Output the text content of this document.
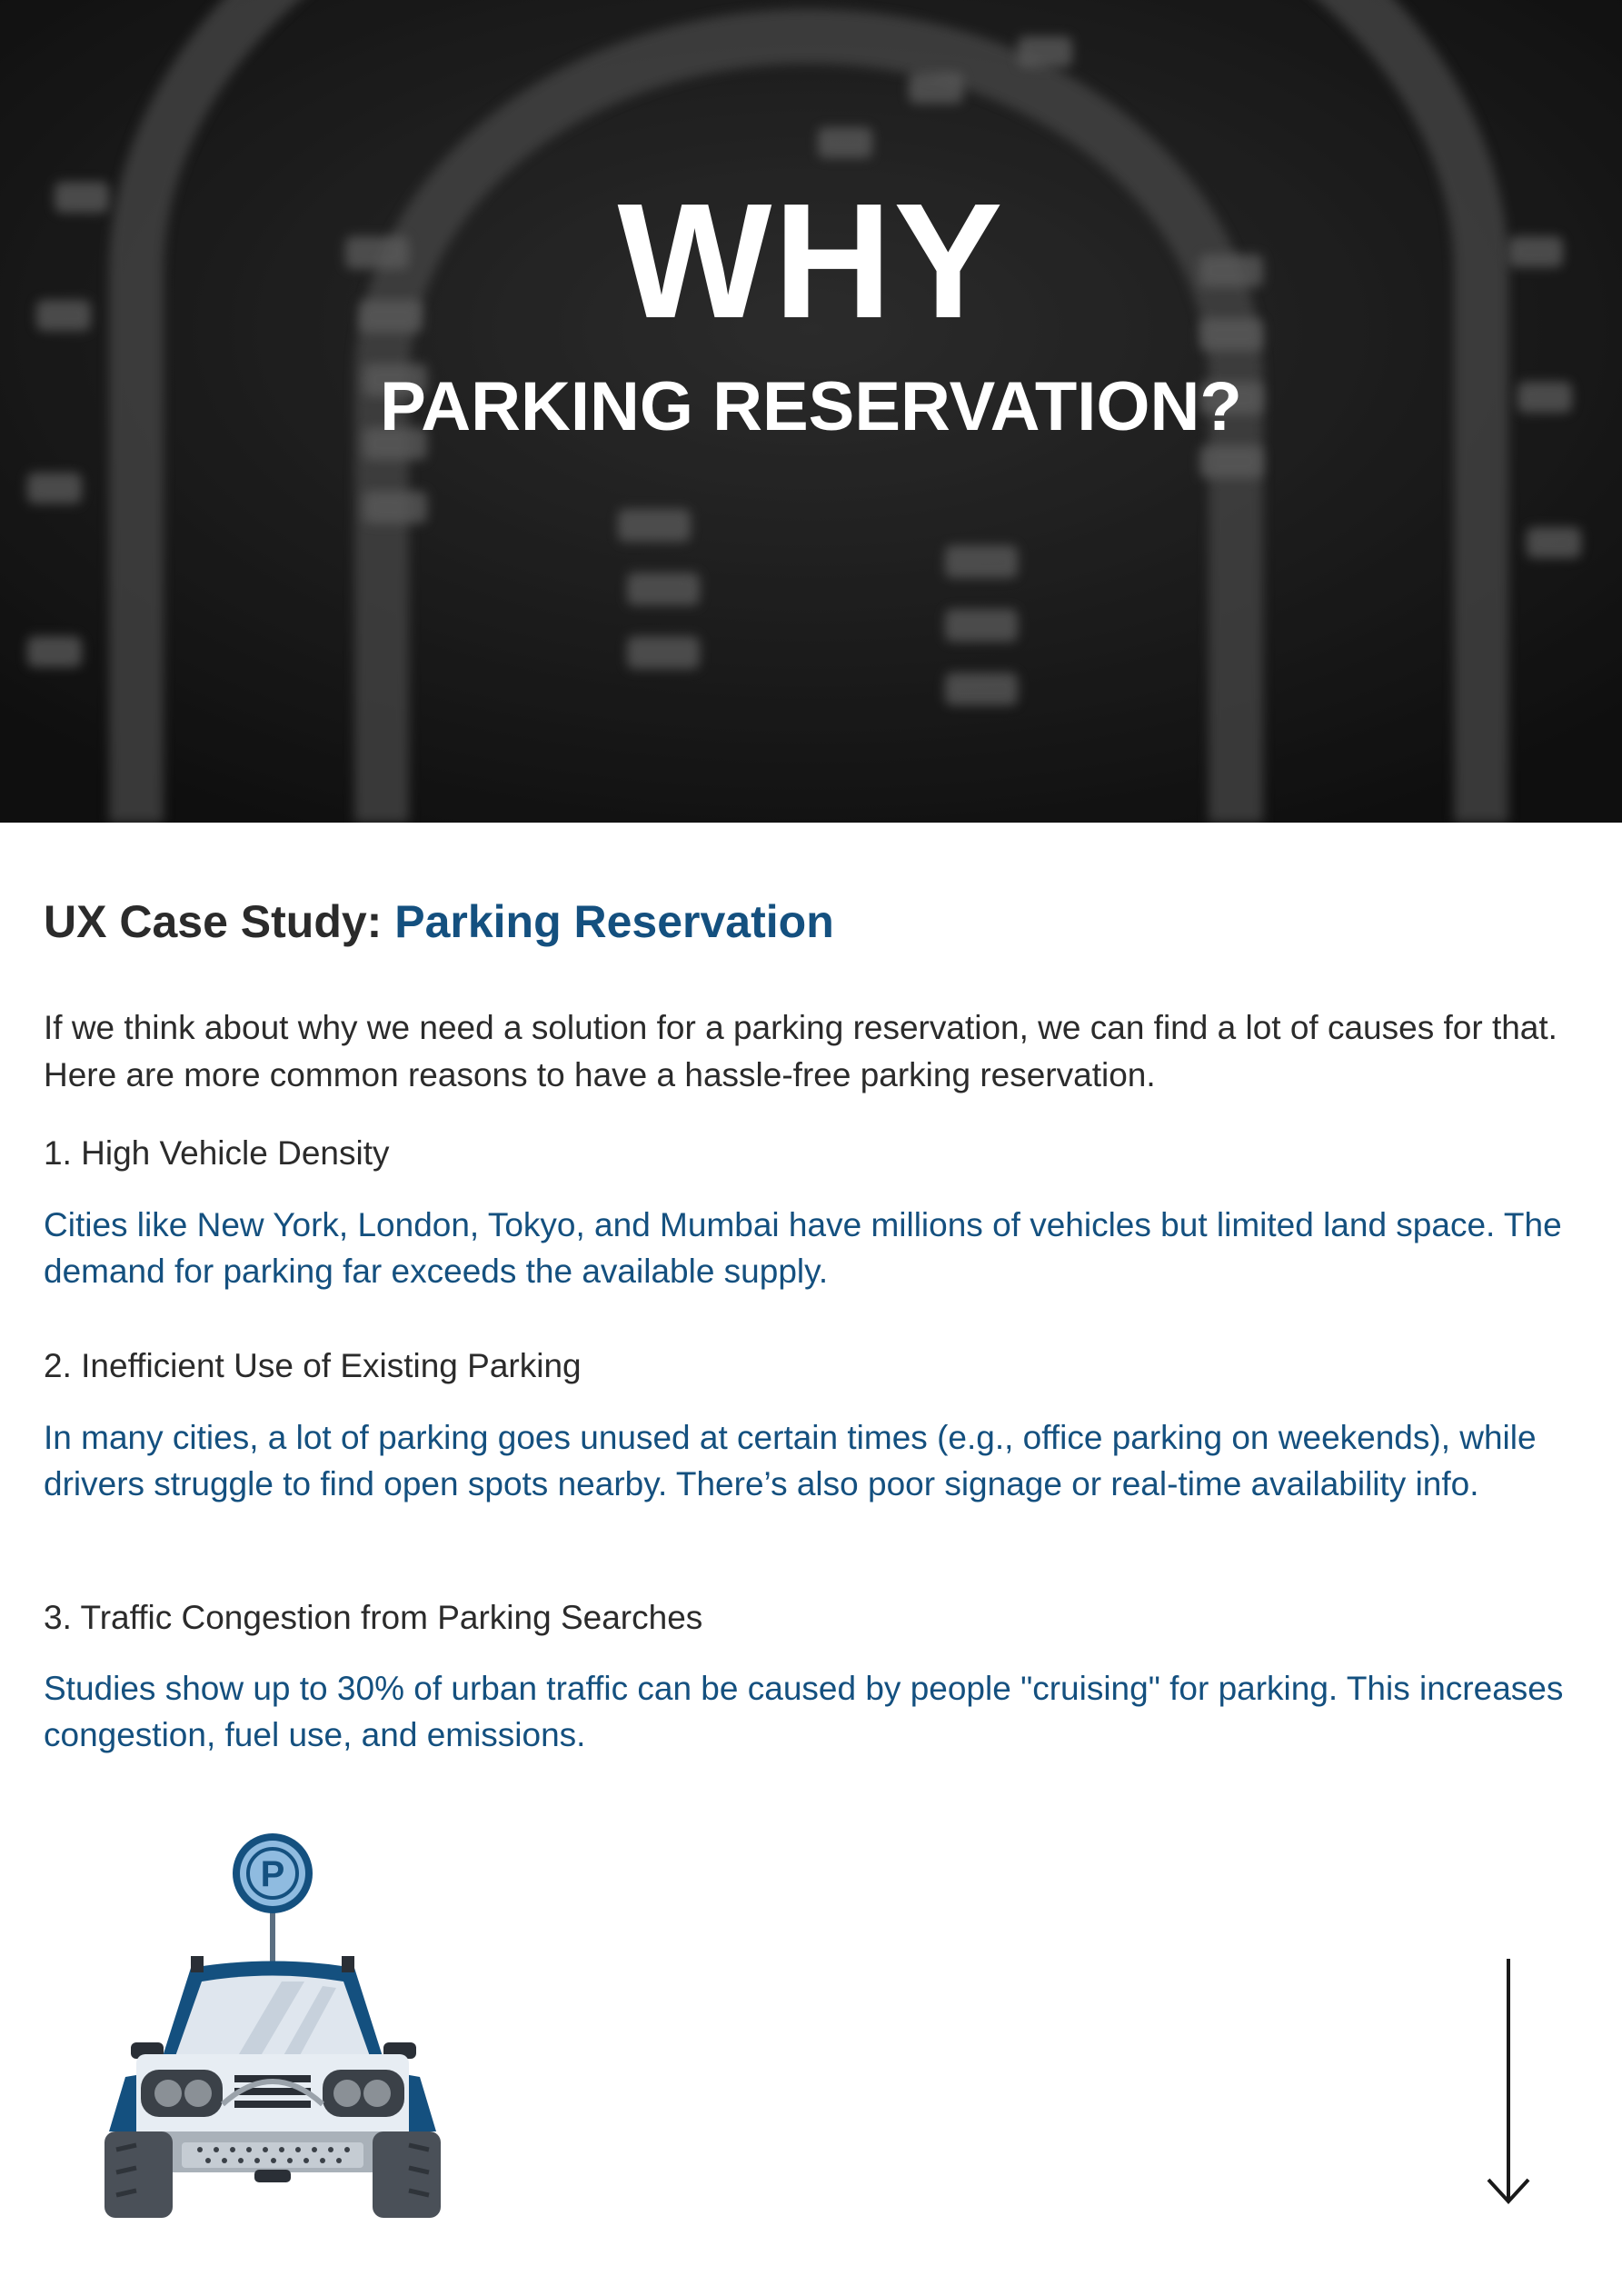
WHY
PARKING RESERVATION?
UX Case Study: Parking Reservation

If we think about why we need a solution for a parking reservation, we can find a lot of causes for that. Here are more common reasons to have a hassle-free parking reservation.

1. High Vehicle Density

Cities like New York, London, Tokyo, and Mumbai have millions of vehicles but limited land space. The demand for parking far exceeds the available supply.

2. Inefficient Use of Existing Parking

In many cities, a lot of parking goes unused at certain times (e.g., office parking on weekends), while drivers struggle to find open spots nearby. There’s also poor signage or real-time availability info.

3. Traffic Congestion from Parking Searches

Studies show up to 30% of urban traffic can be caused by people "cruising" for parking. This increases congestion, fuel use, and emissions.

P
